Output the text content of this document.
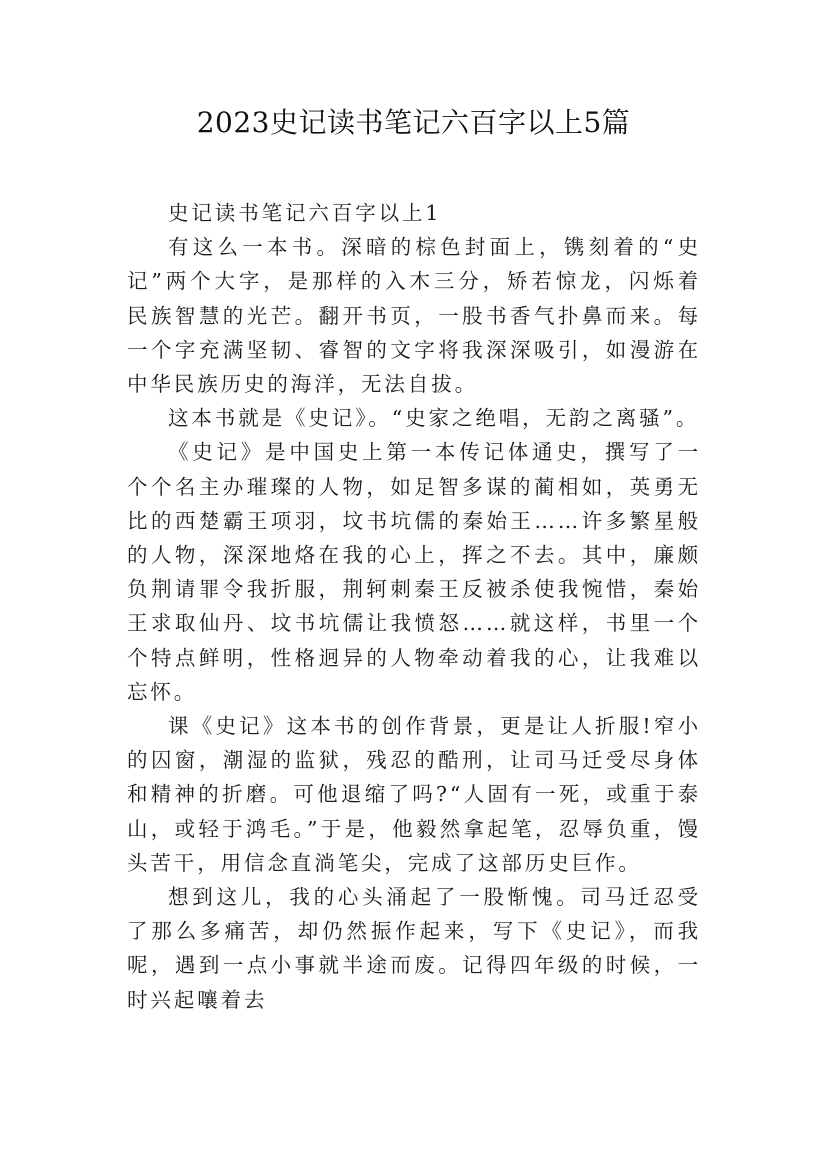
2023史记读书笔记六百字以上5篇

史记读书笔记六百字以上1

有这么一本书。深暗的棕色封面上，镌刻着的“史记”两个大字，是那样的入木三分，矫若惊龙，闪烁着民族智慧的光芒。翻开书页，一股书香气扑鼻而来。每一个字充满坚韧、睿智的文字将我深深吸引，如漫游在中华民族历史的海洋，无法自拔。

这本书就是《史记》。“史家之绝唱，无韵之离骚”。

《史记》是中国史上第一本传记体通史，撰写了一个个名主办璀璨的人物，如足智多谋的蔺相如，英勇无比的西楚霸王项羽，坟书坑儒的秦始王……许多繁星般的人物，深深地烙在我的心上，挥之不去。其中，廉颇负荆请罪令我折服，荆轲刺秦王反被杀使我惋惜，秦始王求取仙丹、坟书坑儒让我愤怒……就这样，书里一个个特点鲜明，性格迥异的人物牵动着我的心，让我难以忘怀。

课《史记》这本书的创作背景，更是让人折服!窄小的囚窗，潮湿的监狱，残忍的酷刑，让司马迁受尽身体和精神的折磨。可他退缩了吗?“人固有一死，或重于泰山，或轻于鸿毛。”于是，他毅然拿起笔，忍辱负重，馒头苦干，用信念直淌笔尖，完成了这部历史巨作。

想到这儿，我的心头涌起了一股惭愧。司马迁忍受了那么多痛苦，却仍然振作起来，写下《史记》，而我呢，遇到一点小事就半途而废。记得四年级的时候，一时兴起嚷着去
